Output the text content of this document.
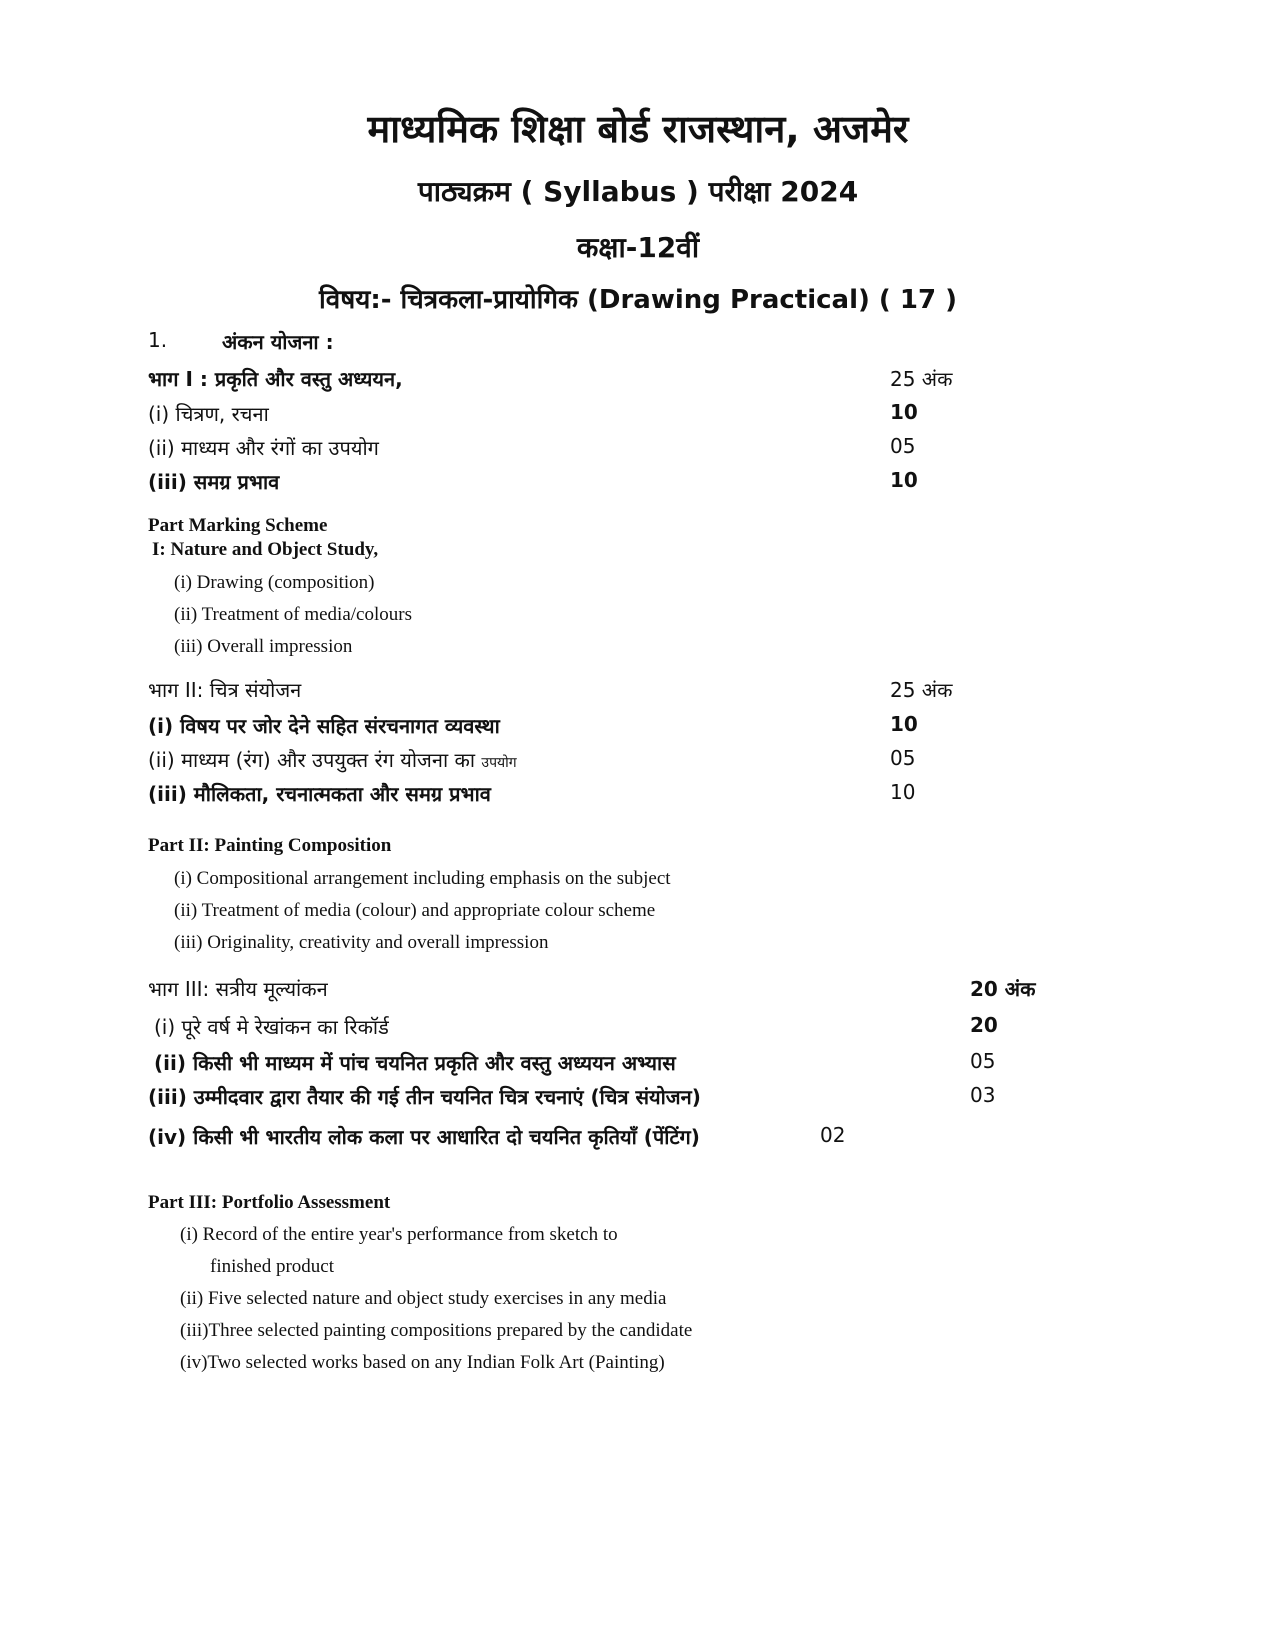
माध्यमिक शिक्षा बोर्ड राजस्थान, अजमेर
पाठ्यक्रम ( Syllabus ) परीक्षा 2024
कक्षा-12वीं
विषय:- चित्रकला-प्रायोगिक (Drawing Practical) ( 17 )
1.	अंकन योजना :
भाग I : प्रकृति और वस्तु अध्ययन,	25 अंक
(i) चित्रण, रचना	10
(ii) माध्यम और रंगों का उपयोग	05
(iii) समग्र प्रभाव	10
Part Marking Scheme
I: Nature and Object Study,
(i) Drawing (composition)
(ii) Treatment of media/colours
(iii) Overall impression
भाग II: चित्र संयोजन	25 अंक
(i) विषय पर जोर देने सहित संरचनागत व्यवस्था	10
(ii) माध्यम (रंग) और उपयुक्त रंग योजना का उपयोग	05
(iii) मौलिकता, रचनात्मकता और समग्र प्रभाव	10
Part II: Painting Composition
(i) Compositional arrangement including emphasis on the subject
(ii) Treatment of media (colour) and appropriate colour scheme
(iii) Originality, creativity and overall impression
भाग III: सत्रीय मूल्यांकन	20 अंक
(i) पूरे वर्ष मे रेखांकन का रिकॉर्ड	20
(ii) किसी भी माध्यम में पांच चयनित प्रकृति और वस्तु अध्ययन अभ्यास	05
(iii) उम्मीदवार द्वारा तैयार की गई तीन चयनित चित्र रचनाएं (चित्र संयोजन)	03
(iv) किसी भी भारतीय लोक कला पर आधारित दो चयनित कृतियाँ (पेंटिंग)	02
Part III: Portfolio Assessment
(i) Record of the entire year's performance from sketch to
finished product
(ii) Five selected nature and object study exercises in any media
(iii)Three selected painting compositions prepared by the candidate
(iv)Two selected works based on any Indian Folk Art (Painting)
